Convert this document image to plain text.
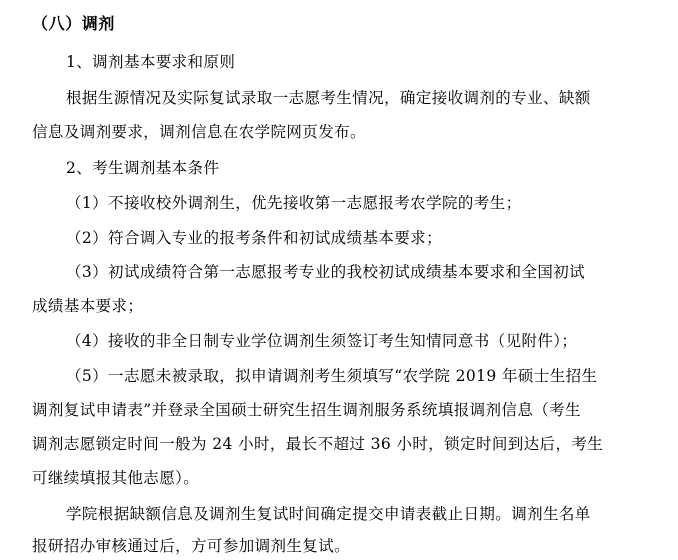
（八）调剂
1、调剂基本要求和原则
根据生源情况及实际复试录取一志愿考生情况，确定接收调剂的专业、缺额
信息及调剂要求，调剂信息在农学院网页发布。
2、考生调剂基本条件
（1）不接收校外调剂生，优先接收第一志愿报考农学院的考生；
（2）符合调入专业的报考条件和初试成绩基本要求；
（3）初试成绩符合第一志愿报考专业的我校初试成绩基本要求和全国初试
成绩基本要求；
（4）接收的非全日制专业学位调剂生须签订考生知情同意书（见附件）；
（5）一志愿未被录取，拟申请调剂考生须填写“农学院 2019 年硕士生招生
调剂复试申请表”并登录全国硕士研究生招生调剂服务系统填报调剂信息（考生
调剂志愿锁定时间一般为 24 小时，最长不超过 36 小时，锁定时间到达后，考生
可继续填报其他志愿）。
学院根据缺额信息及调剂生复试时间确定提交申请表截止日期。调剂生名单
报研招办审核通过后，方可参加调剂生复试。
